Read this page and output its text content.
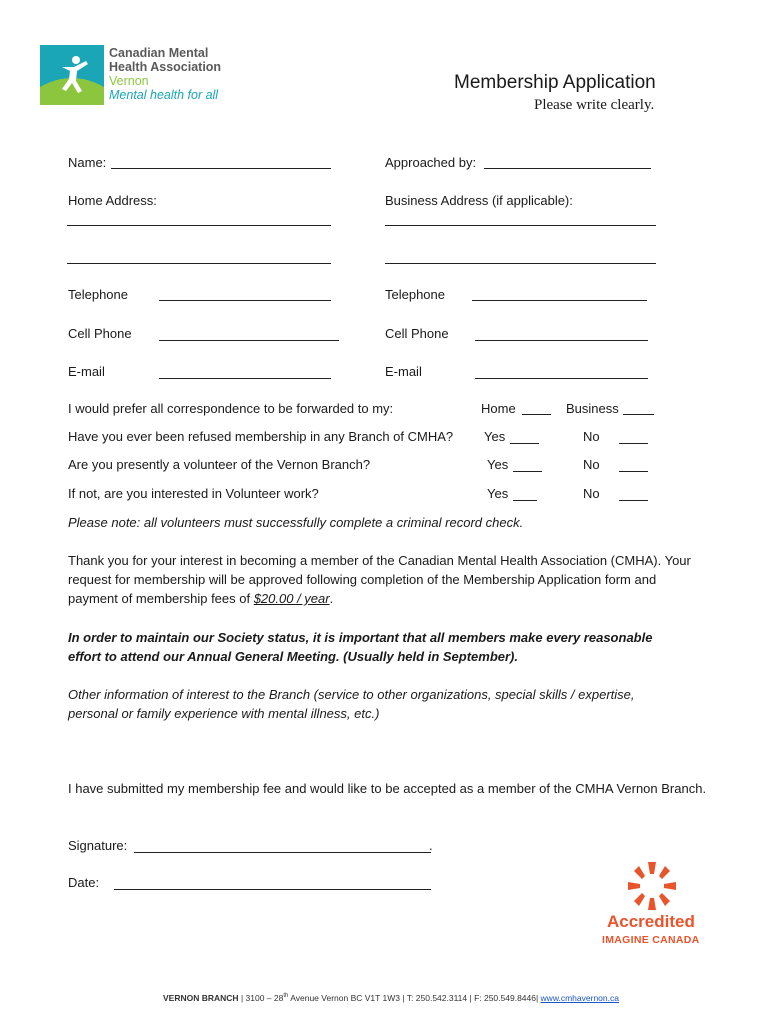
Canadian Mental
Health Association
Vernon
Mental health for all
Membership Application
Please write clearly.
Name:	Approached by:
Home Address:	Business Address (if applicable):
Telephone	Telephone
Cell Phone	Cell Phone
E-mail	E-mail
I would prefer all correspondence to be forwarded to my:	Home	Business
Have you ever been refused membership in any Branch of CMHA? Yes	No
Are you presently a volunteer of the Vernon Branch?	Yes	No
If not, are you interested in Volunteer work?	Yes	No
Please note: all volunteers must successfully complete a criminal record check.
Thank you for your interest in becoming a member of the Canadian Mental Health Association (CMHA). Your request for membership will be approved following completion of the Membership Application form and payment of membership fees of $20.00 / year.
In order to maintain our Society status, it is important that all members make every reasonable effort to attend our Annual General Meeting. (Usually held in September).
Other information of interest to the Branch (service to other organizations, special skills / expertise, personal or family experience with mental illness, etc.)
I have submitted my membership fee and would like to be accepted as a member of the CMHA Vernon Branch.
Signature:	.
Date:
Accredited
IMAGINE CANADA
VERNON BRANCH | 3100 – 28th Avenue Vernon BC V1T 1W3 | T: 250.542.3114 | F: 250.549.8446| www.cmhavernon.ca
